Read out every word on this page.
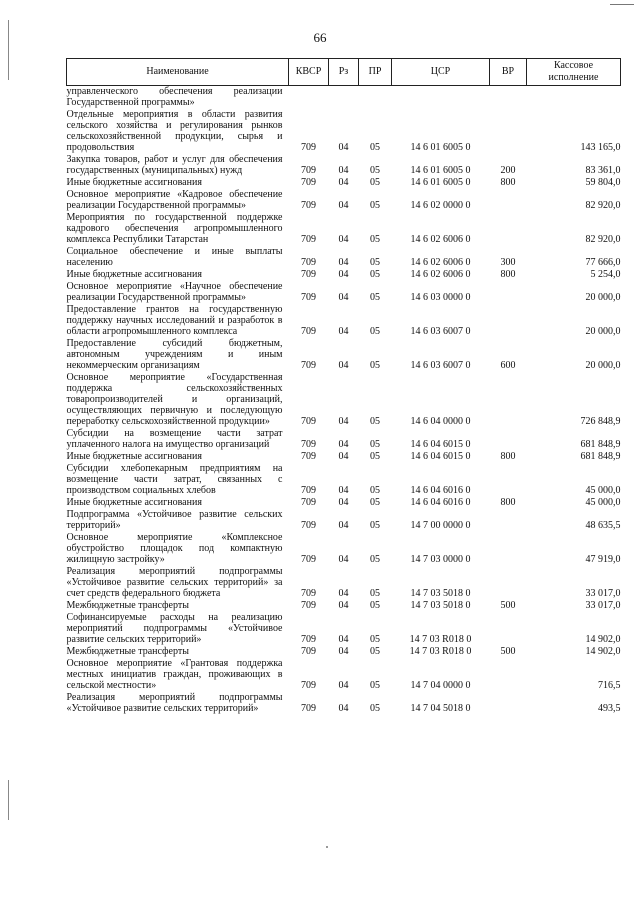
66
Наименование	КВСР	Рз	ПР	ЦСР	ВР	Кассовое исполнение
управленческого обеспечения реализации Государственной программы»						
Отдельные мероприятия в области развития сельского хозяйства и регулирования рынков сельскохозяйственной продукции, сырья и продовольствия	709	04	05	14 6 01 6005 0		143 165,0
Закупка товаров, работ и услуг для обеспечения государственных (муниципальных) нужд	709	04	05	14 6 01 6005 0	200	83 361,0
Иные бюджетные ассигнования	709	04	05	14 6 01 6005 0	800	59 804,0
Основное мероприятие «Кадровое обеспечение реализации Государственной программы»	709	04	05	14 6 02 0000 0		82 920,0
Мероприятия по государственной поддержке кадрового обеспечения агропромышленного комплекса Республики Татарстан	709	04	05	14 6 02 6006 0		82 920,0
Социальное обеспечение и иные выплаты населению	709	04	05	14 6 02 6006 0	300	77 666,0
Иные бюджетные ассигнования	709	04	05	14 6 02 6006 0	800	5 254,0
Основное мероприятие «Научное обеспечение реализации Государственной программы»	709	04	05	14 6 03 0000 0		20 000,0
Предоставление грантов на государственную поддержку научных исследований и разработок в области агропромышленного комплекса	709	04	05	14 6 03 6007 0		20 000,0
Предоставление субсидий бюджетным, автономным учреждениям и иным некоммерческим организациям	709	04	05	14 6 03 6007 0	600	20 000,0
Основное мероприятие «Государственная поддержка сельскохозяйственных товаропроизводителей и организаций, осуществляющих первичную и последующую переработку сельскохозяйственной продукции»	709	04	05	14 6 04 0000 0		726 848,9
Субсидии на возмещение части затрат уплаченного налога на имущество организаций	709	04	05	14 6 04 6015 0		681 848,9
Иные бюджетные ассигнования	709	04	05	14 6 04 6015 0	800	681 848,9
Субсидии хлебопекарным предприятиям на возмещение части затрат, связанных с производством социальных хлебов	709	04	05	14 6 04 6016 0		45 000,0
Иные бюджетные ассигнования	709	04	05	14 6 04 6016 0	800	45 000,0
Подпрограмма «Устойчивое развитие сельских территорий»	709	04	05	14 7 00 0000 0		48 635,5
Основное мероприятие «Комплексное обустройство площадок под компактную жилищную застройку»	709	04	05	14 7 03 0000 0		47 919,0
Реализация мероприятий подпрограммы «Устойчивое развитие сельских территорий» за счет средств федерального бюджета	709	04	05	14 7 03 5018 0		33 017,0
Межбюджетные трансферты	709	04	05	14 7 03 5018 0	500	33 017,0
Софинансируемые расходы на реализацию мероприятий подпрограммы «Устойчивое развитие сельских территорий»	709	04	05	14 7 03 R018 0		14 902,0
Межбюджетные трансферты	709	04	05	14 7 03 R018 0	500	14 902,0
Основное мероприятие «Грантовая поддержка местных инициатив граждан, проживающих в сельской местности»	709	04	05	14 7 04 0000 0		716,5
Реализация мероприятий подпрограммы «Устойчивое развитие сельских территорий»	709	04	05	14 7 04 5018 0		493,5
